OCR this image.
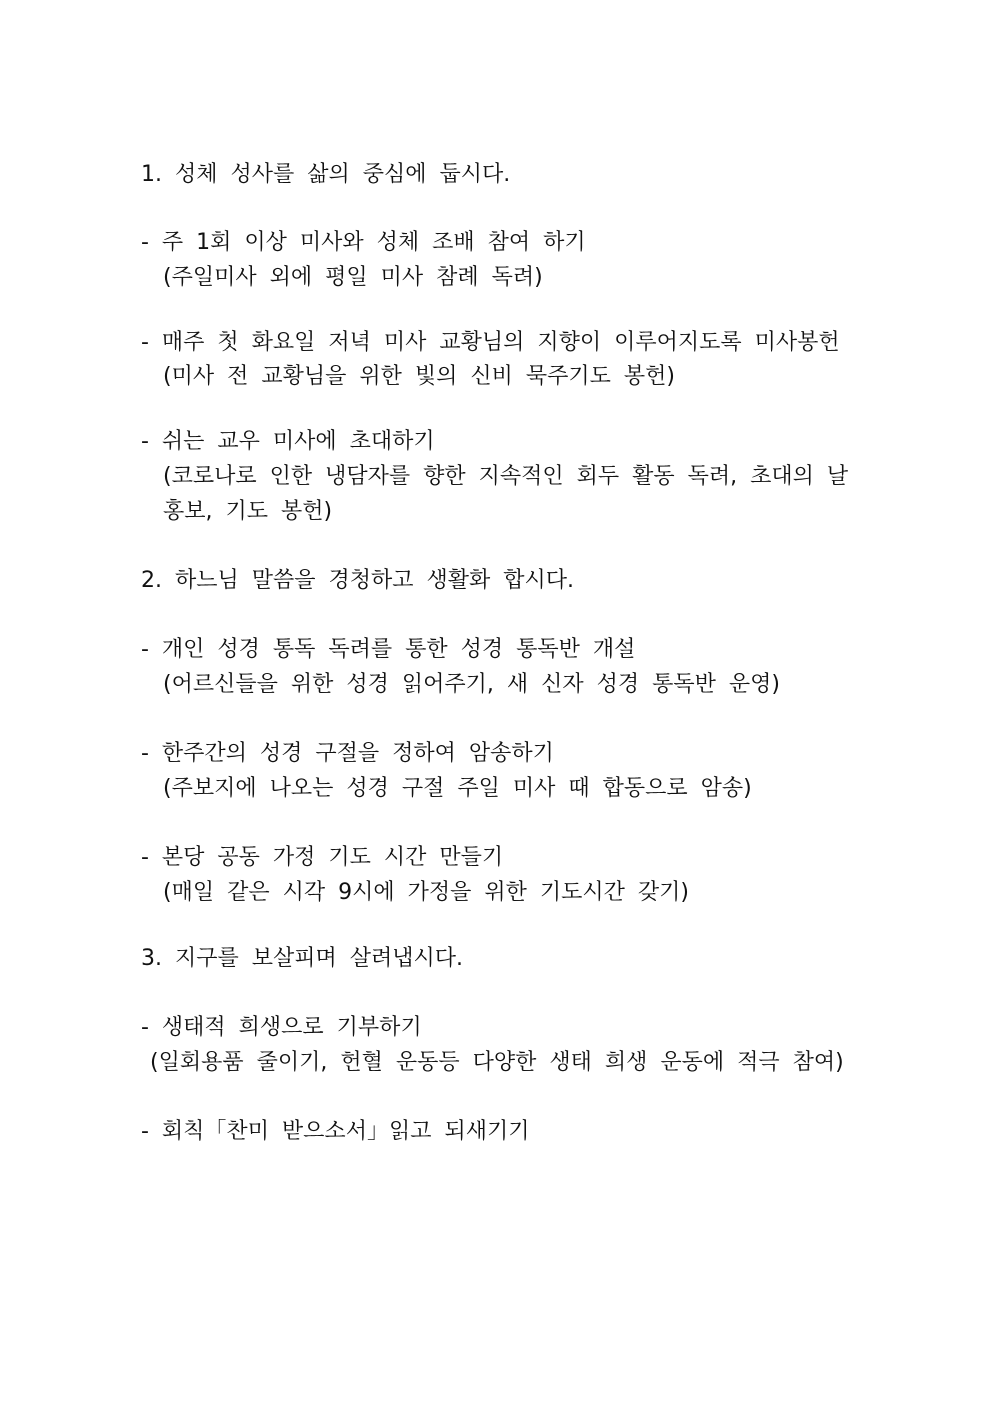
1. 성체 성사를 삶의 중심에 둡시다.
- 주 1회 이상 미사와 성체 조배 참여 하기
(주일미사 외에 평일 미사 참례 독려)
- 매주 첫 화요일 저녁 미사 교황님의 지향이 이루어지도록 미사봉헌
(미사 전 교황님을 위한 빛의 신비 묵주기도 봉헌)
- 쉬는 교우 미사에 초대하기
(코로나로 인한 냉담자를 향한 지속적인 회두 활동 독려, 초대의 날
홍보, 기도 봉헌)
2. 하느님 말씀을 경청하고 생활화 합시다.
- 개인 성경 통독 독려를 통한 성경 통독반 개설
(어르신들을 위한 성경 읽어주기, 새 신자 성경 통독반 운영)
- 한주간의 성경 구절을 정하여 암송하기
(주보지에 나오는 성경 구절 주일 미사 때 합동으로 암송)
- 본당 공동 가정 기도 시간 만들기
(매일 같은 시각 9시에 가정을 위한 기도시간 갖기)
3. 지구를 보살피며 살려냅시다.
- 생태적 희생으로 기부하기
(일회용품 줄이기, 헌혈 운동등 다양한 생태 희생 운동에 적극 참여)
- 회칙「찬미 받으소서」읽고 되새기기
